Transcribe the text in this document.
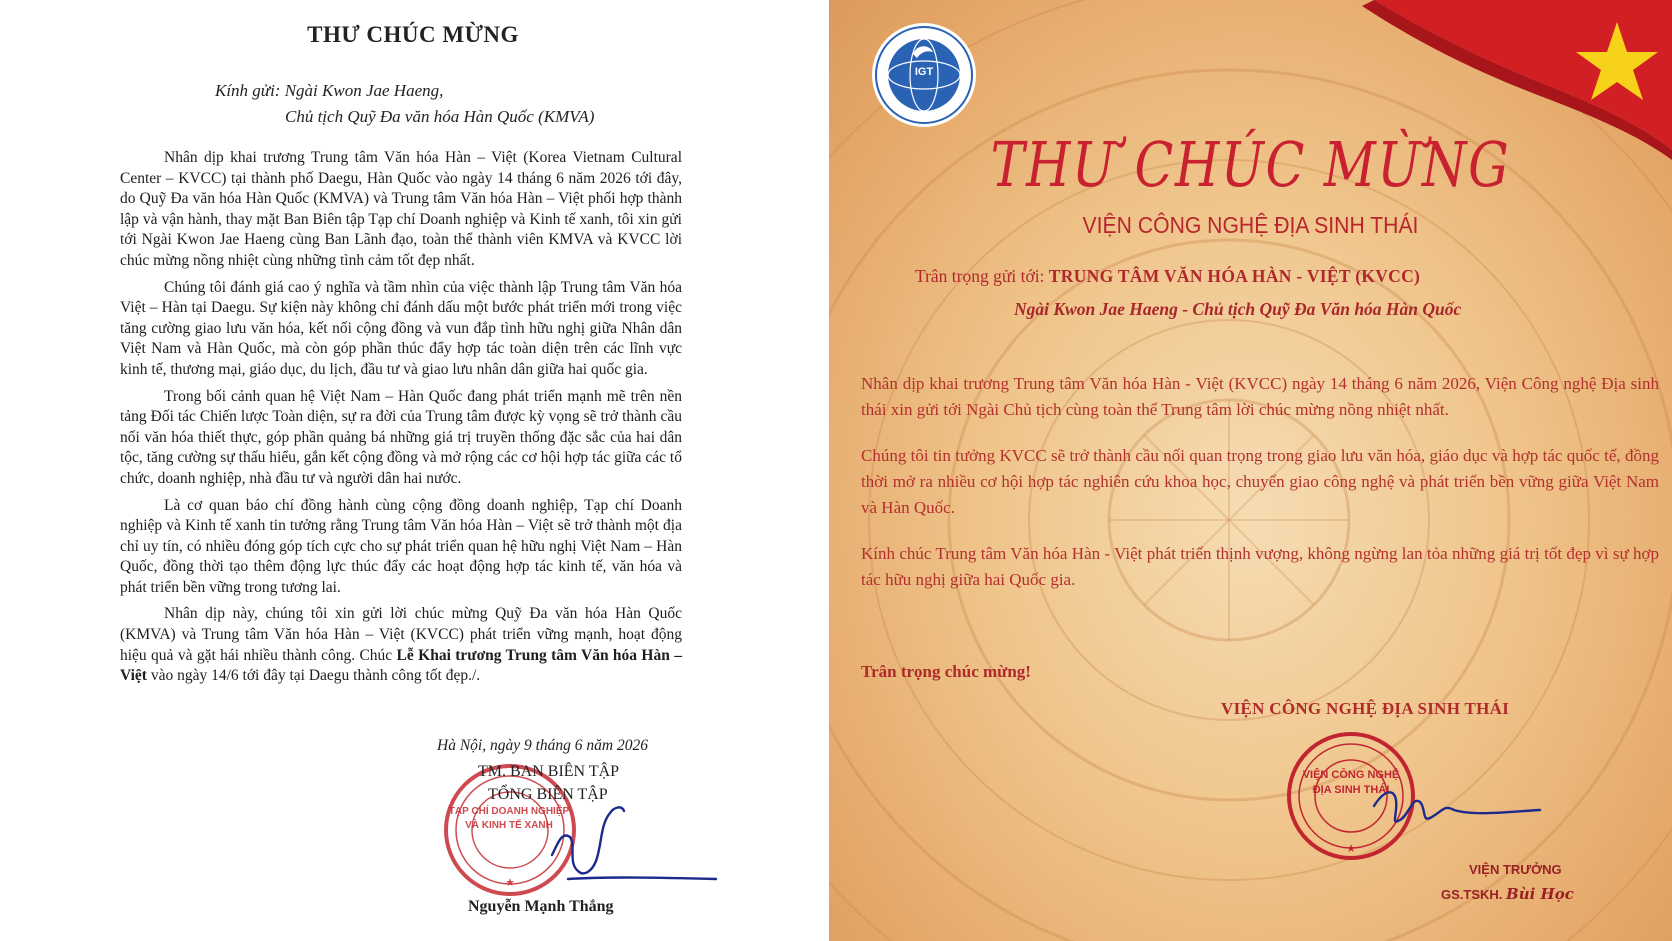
THƯ CHÚC MỪNG
Kính gửi: Ngài Kwon Jae Haeng,
Chủ tịch Quỹ Đa văn hóa Hàn Quốc (KMVA)

Nhân dịp khai trương Trung tâm Văn hóa Hàn – Việt (Korea Vietnam Cultural Center – KVCC) tại thành phố Daegu, Hàn Quốc vào ngày 14 tháng 6 năm 2026 tới đây, do Quỹ Đa văn hóa Hàn Quốc (KMVA) và Trung tâm Văn hóa Hàn – Việt phối hợp thành lập và vận hành, thay mặt Ban Biên tập Tạp chí Doanh nghiệp và Kinh tế xanh, tôi xin gửi tới Ngài Kwon Jae Haeng cùng Ban Lãnh đạo, toàn thể thành viên KMVA và KVCC lời chúc mừng nồng nhiệt cùng những tình cảm tốt đẹp nhất.

Chúng tôi đánh giá cao ý nghĩa và tầm nhìn của việc thành lập Trung tâm Văn hóa Việt – Hàn tại Daegu. Sự kiện này không chỉ đánh dấu một bước phát triển mới trong việc tăng cường giao lưu văn hóa, kết nối cộng đồng và vun đắp tình hữu nghị giữa Nhân dân Việt Nam và Hàn Quốc, mà còn góp phần thúc đẩy hợp tác toàn diện trên các lĩnh vực kinh tế, thương mại, giáo dục, du lịch, đầu tư và giao lưu nhân dân giữa hai quốc gia.

Trong bối cảnh quan hệ Việt Nam – Hàn Quốc đang phát triển mạnh mẽ trên nền tảng Đối tác Chiến lược Toàn diện, sự ra đời của Trung tâm được kỳ vọng sẽ trở thành cầu nối văn hóa thiết thực, góp phần quảng bá những giá trị truyền thống đặc sắc của hai dân tộc, tăng cường sự thấu hiểu, gắn kết cộng đồng và mở rộng các cơ hội hợp tác giữa các tổ chức, doanh nghiệp, nhà đầu tư và người dân hai nước.

Là cơ quan báo chí đồng hành cùng cộng đồng doanh nghiệp, Tạp chí Doanh nghiệp và Kinh tế xanh tin tưởng rằng Trung tâm Văn hóa Hàn – Việt sẽ trở thành một địa chỉ uy tín, có nhiều đóng góp tích cực cho sự phát triển quan hệ hữu nghị Việt Nam – Hàn Quốc, đồng thời tạo thêm động lực thúc đẩy các hoạt động hợp tác kinh tế, văn hóa và phát triển bền vững trong tương lai.

Nhân dịp này, chúng tôi xin gửi lời chúc mừng Quỹ Đa văn hóa Hàn Quốc (KMVA) và Trung tâm Văn hóa Hàn – Việt (KVCC) phát triển vững mạnh, hoạt động hiệu quả và gặt hái nhiều thành công. Chúc Lễ Khai trương Trung tâm Văn hóa Hàn – Việt vào ngày 14/6 tới đây tại Daegu thành công tốt đẹp./.

Hà Nội, ngày 9 tháng 6 năm 2026
★
TẠP CHÍ DOANH NGHIỆP VÀ KINH TẾ XANH
TM. BAN BIÊN TẬP
TỔNG BIÊN TẬP
Nguyễn Mạnh Thắng
IGT
THƯ CHÚC MỪNG
VIỆN CÔNG NGHỆ ĐỊA SINH THÁI
Trân trọng gửi tới: TRUNG TÂM VĂN HÓA HÀN - VIỆT (KVCC)
Ngài Kwon Jae Haeng - Chủ tịch Quỹ Đa Văn hóa Hàn Quốc

Nhân dịp khai trương Trung tâm Văn hóa Hàn - Việt (KVCC) ngày 14 tháng 6 năm 2026, Viện Công nghệ Địa sinh thái xin gửi tới Ngài Chủ tịch cùng toàn thể Trung tâm lời chúc mừng nồng nhiệt nhất.

Chúng tôi tin tưởng KVCC sẽ trở thành cầu nối quan trọng trong giao lưu văn hóa, giáo dục và hợp tác quốc tế, đồng thời mở ra nhiều cơ hội hợp tác nghiên cứu khoa học, chuyển giao công nghệ và phát triển bền vững giữa Việt Nam và Hàn Quốc.

Kính chúc Trung tâm Văn hóa Hàn - Việt phát triển thịnh vượng, không ngừng lan tỏa những giá trị tốt đẹp vì sự hợp tác hữu nghị giữa hai Quốc gia.

Trân trọng chúc mừng!
VIỆN CÔNG NGHỆ ĐỊA SINH THÁI
★
VIỆN CÔNG NGHỆ ĐỊA SINH THÁI
VIỆN TRƯỞNG
GS.TSKH. Bùi Học
